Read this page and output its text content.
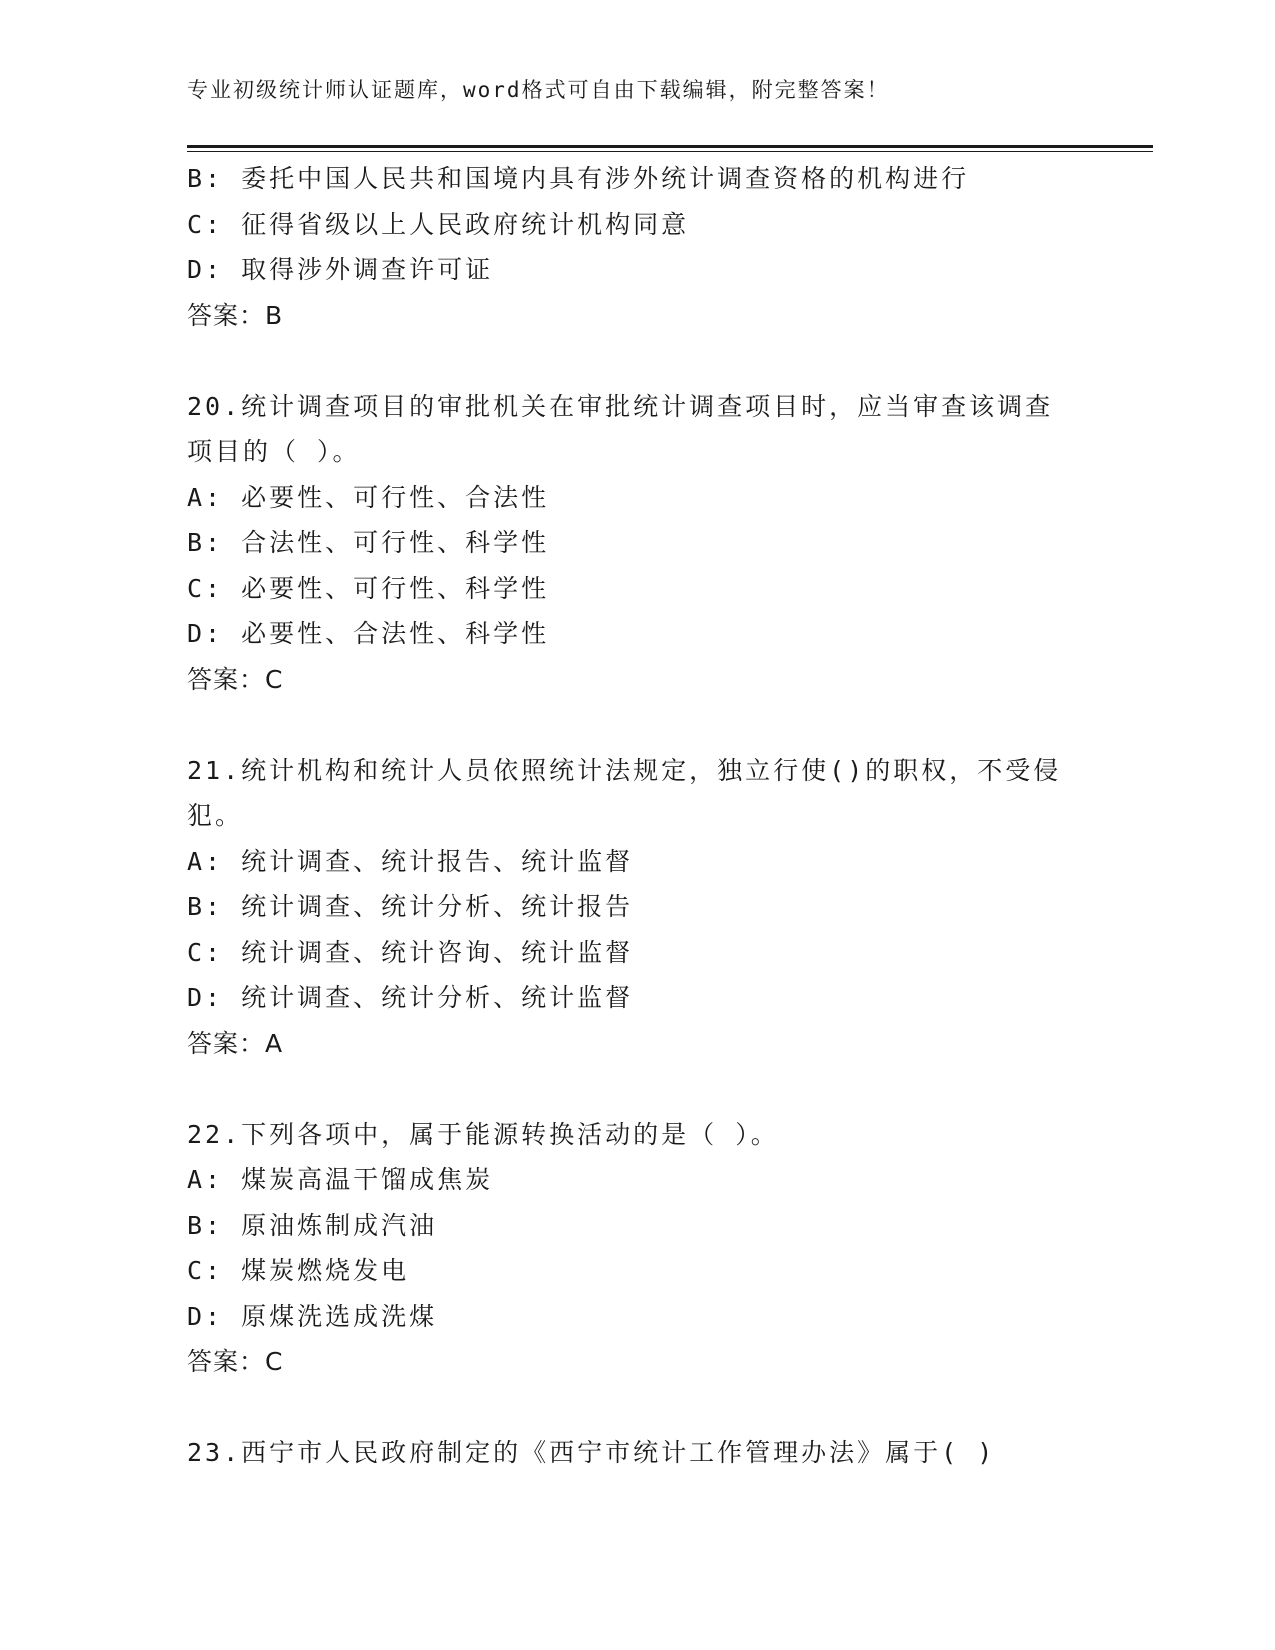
专业初级统计师认证题库，word格式可自由下载编辑，附完整答案！
B: 委托中国人民共和国境内具有涉外统计调查资格的机构进行
C: 征得省级以上人民政府统计机构同意
D: 取得涉外调查许可证
答案：B
20.统计调查项目的审批机关在审批统计调查项目时，应当审查该调查
项目的（ ）。
A: 必要性、可行性、合法性
B: 合法性、可行性、科学性
C: 必要性、可行性、科学性
D: 必要性、合法性、科学性
答案：C
21.统计机构和统计人员依照统计法规定，独立行使()的职权，不受侵
犯。
A: 统计调查、统计报告、统计监督
B: 统计调查、统计分析、统计报告
C: 统计调查、统计咨询、统计监督
D: 统计调查、统计分析、统计监督
答案：A
22.下列各项中，属于能源转换活动的是（ ）。
A: 煤炭高温干馏成焦炭
B: 原油炼制成汽油
C: 煤炭燃烧发电
D: 原煤洗选成洗煤
答案：C
23.西宁市人民政府制定的《西宁市统计工作管理办法》属于( )
